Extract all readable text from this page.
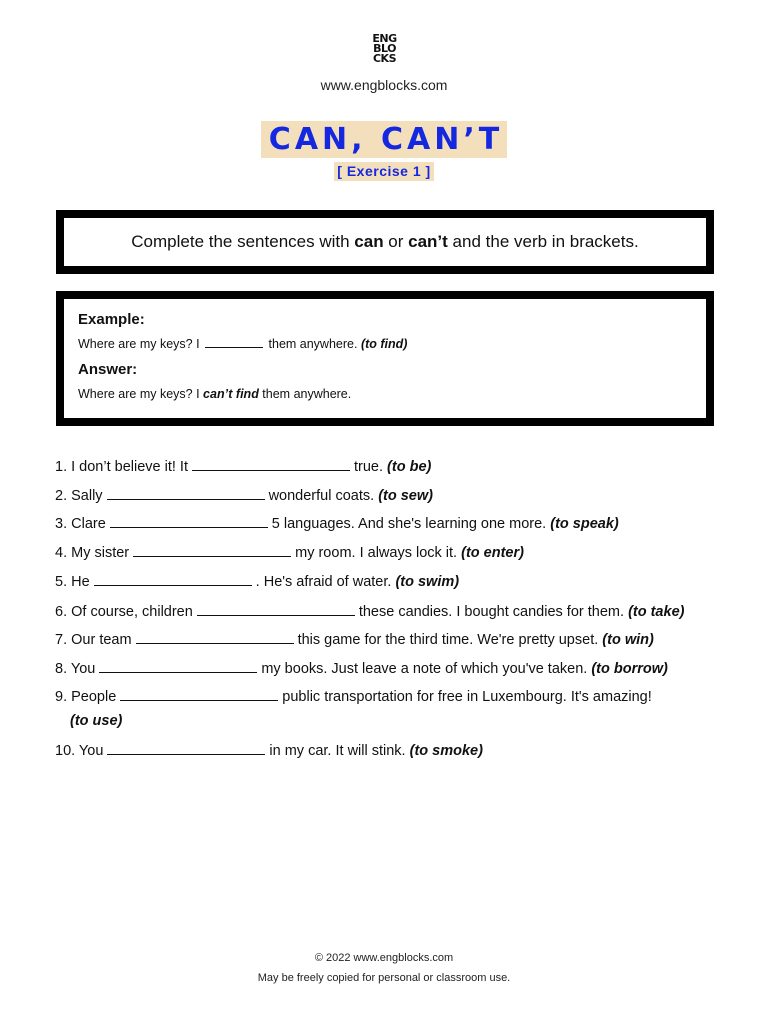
ENG
BLO
CKS
www.engblocks.com
CAN, CAN’T
[ Exercise 1 ]
Complete the sentences with can or can’t and the verb in brackets.
Example:
Where are my keys? I	them anywhere. (to find)
Answer:
Where are my keys? I can’t find them anywhere.
1. I don’t believe it! It	true. (to be)
2. Sally	wonderful coats. (to sew)
3. Clare	5 languages. And she's learning one more. (to speak)
4. My sister	my room. I always lock it. (to enter)
5. He	. He's afraid of water. (to swim)
6. Of course, children	these candies. I bought candies for them. (to take)
7. Our team	this game for the third time. We're pretty upset. (to win)
8. You	my books. Just leave a note of which you've taken. (to borrow)
9. People	public transportation for free in Luxembourg. It's amazing!
(to use)
10. You	in my car. It will stink. (to smoke)
© 2022 www.engblocks.com
May be freely copied for personal or classroom use.
